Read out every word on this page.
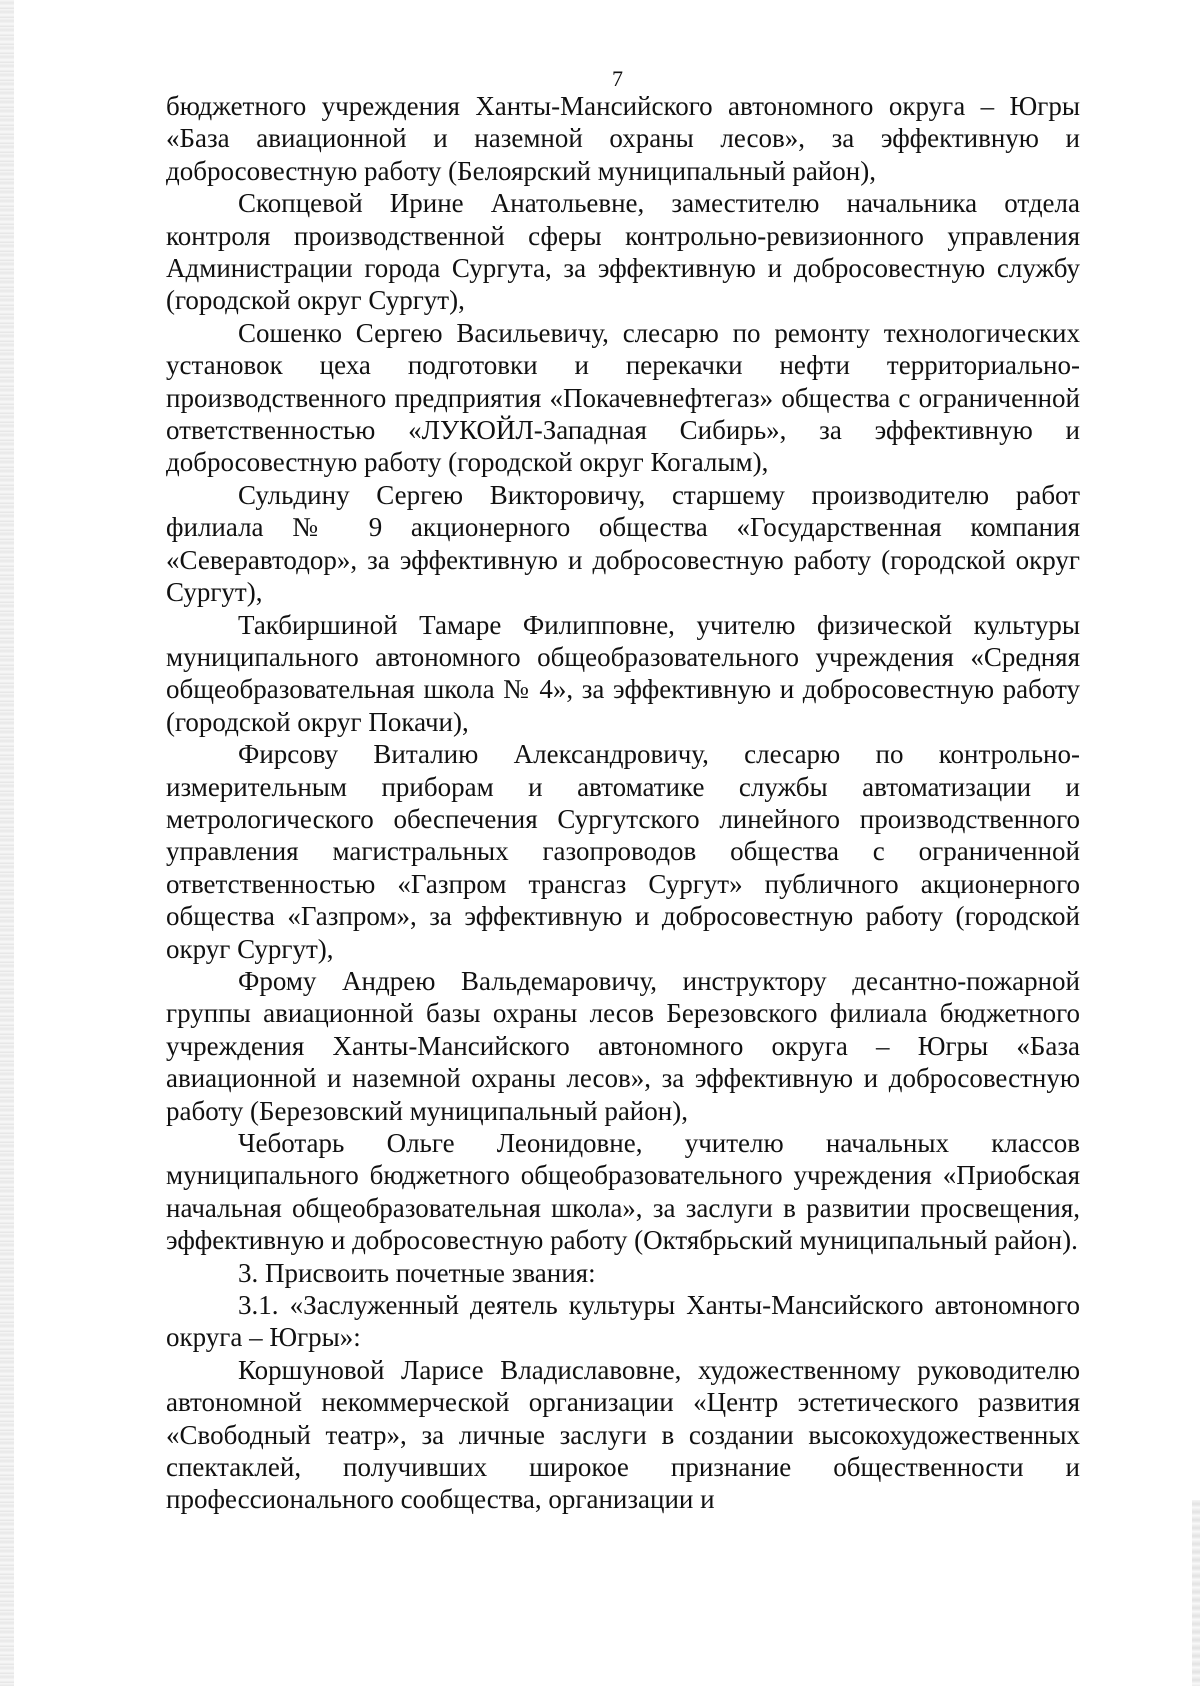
7

бюджетного учреждения Ханты-Мансийского автономного округа – Югры «База авиационной и наземной охраны лесов», за эффективную и добросовестную работу (Белоярский муниципальный район),

Скопцевой Ирине Анатольевне, заместителю начальника отдела контроля производственной сферы контрольно-ревизионного управления Администрации города Сургута, за эффективную и добросовестную службу (городской округ Сургут),

Сошенко Сергею Васильевичу, слесарю по ремонту технологических установок цеха подготовки и перекачки нефти территориально-производственного предприятия «Покачевнефтегаз» общества с ограниченной ответственностью «ЛУКОЙЛ-Западная Сибирь», за эффективную и добросовестную работу (городской округ Когалым),

Сульдину Сергею Викторовичу, старшему производителю работ филиала № 9 акционерного общества «Государственная компания «Северавтодор», за эффективную и добросовестную работу (городской округ Сургут),

Такбиршиной Тамаре Филипповне, учителю физической культуры муниципального автономного общеобразовательного учреждения «Средняя общеобразовательная школа № 4», за эффективную и добросовестную работу (городской округ Покачи),

Фирсову Виталию Александровичу, слесарю по контрольно-измерительным приборам и автоматике службы автоматизации и метрологического обеспечения Сургутского линейного производственного управления магистральных газопроводов общества с ограниченной ответственностью «Газпром трансгаз Сургут» публичного акционерного общества «Газпром», за эффективную и добросовестную работу (городской округ Сургут),

Фрому Андрею Вальдемаровичу, инструктору десантно-пожарной группы авиационной базы охраны лесов Березовского филиала бюджетного учреждения Ханты-Мансийского автономного округа – Югры «База авиационной и наземной охраны лесов», за эффективную и добросовестную работу (Березовский муниципальный район),

Чеботарь Ольге Леонидовне, учителю начальных классов муниципального бюджетного общеобразовательного учреждения «Приобская начальная общеобразовательная школа», за заслуги в развитии просвещения, эффективную и добросовестную работу (Октябрьский муниципальный район).

3. Присвоить почетные звания:

3.1. «Заслуженный деятель культуры Ханты-Мансийского автономного округа – Югры»:

Коршуновой Ларисе Владиславовне, художественному руководителю автономной некоммерческой организации «Центр эстетического развития «Свободный театр», за личные заслуги в создании высокохудожественных спектаклей, получивших широкое признание общественности и профессионального сообщества, организации и
